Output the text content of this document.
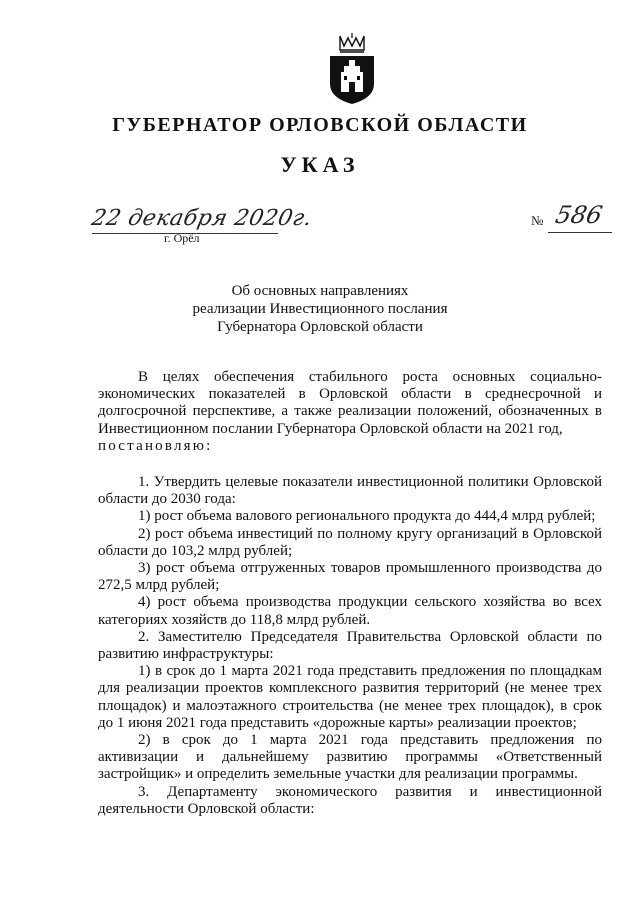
ГУБЕРНАТОР ОРЛОВСКОЙ ОБЛАСТИ
УКАЗ
22 декабря 2020г.
г. Орёл
№ 586
Об основных направлениях
реализации Инвестиционного послания
Губернатора Орловской области

В целях обеспечения стабильного роста основных социально-экономических показателей в Орловской области в среднесрочной и долгосрочной перспективе, а также реализации положений, обозначенных в Инвестиционном послании Губернатора Орловской области на 2021 год,
постановляю:

1. Утвердить целевые показатели инвестиционной политики Орловской области до 2030 года:

1) рост объема валового регионального продукта до 444,4 млрд рублей;

2) рост объема инвестиций по полному кругу организаций в Орловской области до 103,2 млрд рублей;

3) рост объема отгруженных товаров промышленного производства до 272,5 млрд рублей;

4) рост объема производства продукции сельского хозяйства во всех категориях хозяйств до 118,8 млрд рублей.

2. Заместителю Председателя Правительства Орловской области по развитию инфраструктуры:

1) в срок до 1 марта 2021 года представить предложения по площадкам для реализации проектов комплексного развития территорий (не менее трех площадок) и малоэтажного строительства (не менее трех площадок), в срок до 1 июня 2021 года представить «дорожные карты» реализации проектов;

2) в срок до 1 марта 2021 года представить предложения по активизации и дальнейшему развитию программы «Ответственный застройщик» и определить земельные участки для реализации программы.

3. Департаменту экономического развития и инвестиционной деятельности Орловской области:
